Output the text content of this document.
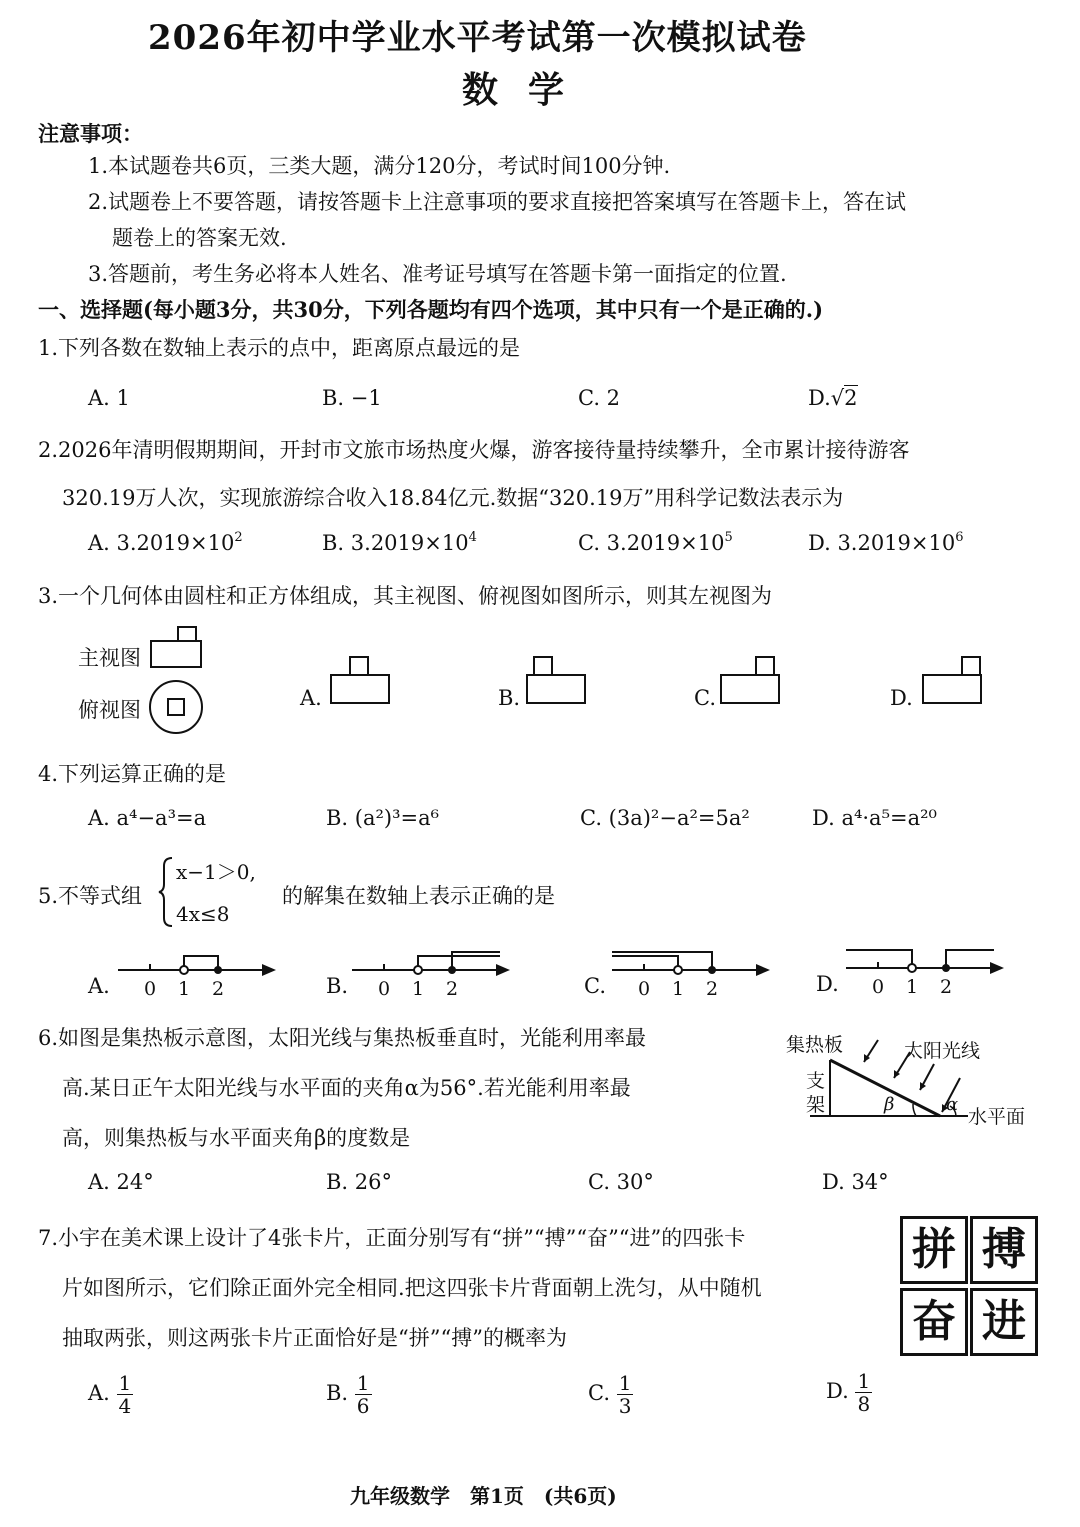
2026年初中学业水平考试第一次模拟试卷
数学
注意事项：
1.本试题卷共6页，三类大题，满分120分，考试时间100分钟.
2.试题卷上不要答题，请按答题卡上注意事项的要求直接把答案填写在答题卡上，答在试
题卷上的答案无效.
3.答题前，考生务必将本人姓名、准考证号填写在答题卡第一面指定的位置.
一、选择题(每小题3分，共30分，下列各题均有四个选项，其中只有一个是正确的.)
1.下列各数在数轴上表示的点中，距离原点最远的是
A. 1	B. −1	C. 2	D.√2
2.2026年清明假期期间，开封市文旅市场热度火爆，游客接待量持续攀升，全市累计接待游客
320.19万人次，实现旅游综合收入18.84亿元.数据“320.19万”用科学记数法表示为
A. $3.2019\times 10^2$	B. $3.2019\times 10^4$	C. $3.2019\times 10^5$	D. $3.2019\times 10^6$
3.一个几何体由圆柱和正方体组成，其主视图、俯视图如图所示，则其左视图为
主视图
俯视图	A.	B.	C.	D.
4.下列运算正确的是
A. a⁴−a³=a	B. (a²)³=a⁶	C. (3a)²−a²=5a²	D. a⁴·a⁵=a²⁰
5.不等式组
x−1＞0,
4x≤8
的解集在数轴上表示正确的是
A. 0 1 2	B. 0 1 2	C. 0 1 2	D. 0 1 2
6.如图是集热板示意图，太阳光线与集热板垂直时，光能利用率最
高.某日正午太阳光线与水平面的夹角α为56°.若光能利用率最
高，则集热板与水平面夹角β的度数是
A. 24°	B. 26°	C. 30°	D. 34°
集热板	太阳光线
支
架	β	α
水平面
7.小宇在美术课上设计了4张卡片，正面分别写有“拼”“搏”“奋”“进”的四张卡
片如图所示，它们除正面外完全相同.把这四张卡片背面朝上洗匀，从中随机
抽取两张，则这两张卡片正面恰好是“拼”“搏”的概率为
拼 搏
奋 进
A. $\frac{1}{4}$	B. $\frac{1}{6}$	C. $\frac{1}{3}$	D. $\frac{1}{8}$
九年级数学　第1页　(共6页)
